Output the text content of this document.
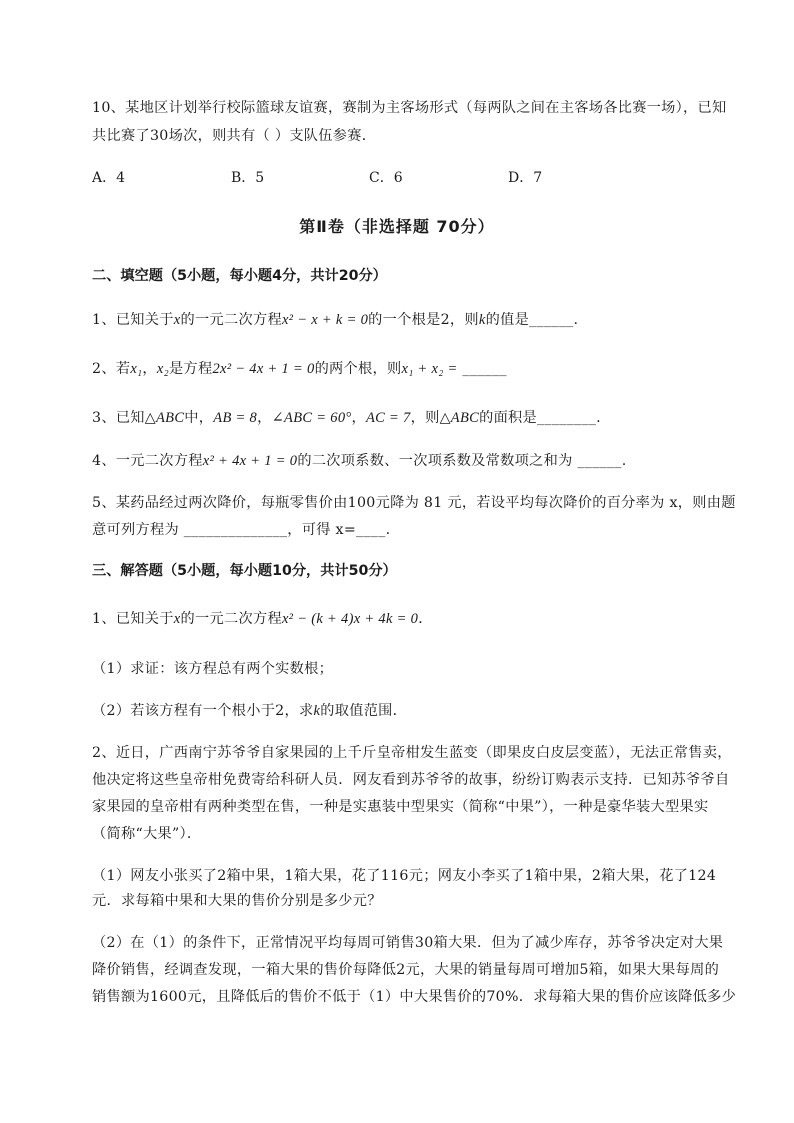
10、某地区计划举行校际篮球友谊赛，赛制为主客场形式（每两队之间在主客场各比赛一场），已知
共比赛了30场次，则共有（ ）支队伍参赛．
A．4	B．5	C．6	D．7
第Ⅱ卷（非选择题 70分）
二、填空题（5小题，每小题4分，共计20分）
1、已知关于x的一元二次方程x² − x + k = 0的一个根是2，则k的值是______.
2、若x₁，x₂是方程2x² − 4x + 1 = 0的两个根，则x₁ + x₂ = ______
3、已知△ABC中，AB = 8，∠ABC = 60°，AC = 7，则△ABC的面积是________.
4、一元二次方程x² + 4x + 1 = 0的二次项系数、一次项系数及常数项之和为 ______.
5、某药品经过两次降价，每瓶零售价由100元降为 81 元，若设平均每次降价的百分率为 x，则由题
意可列方程为 ______________，可得 x=____.
三、解答题（5小题，每小题10分，共计50分）
1、已知关于x的一元二次方程x² − (k + 4)x + 4k = 0．
（1）求证：该方程总有两个实数根；
（2）若该方程有一个根小于2，求k的取值范围．
2、近日，广西南宁苏爷爷自家果园的上千斤皇帝柑发生蓝变（即果皮白皮层变蓝），无法正常售卖，
他决定将这些皇帝柑免费寄给科研人员．网友看到苏爷爷的故事，纷纷订购表示支持．已知苏爷爷自
家果园的皇帝柑有两种类型在售，一种是实惠装中型果实（简称“中果”），一种是豪华装大型果实
（简称“大果”）．
（1）网友小张买了2箱中果，1箱大果，花了116元；网友小李买了1箱中果，2箱大果，花了124
元．求每箱中果和大果的售价分别是多少元？
（2）在（1）的条件下，正常情况平均每周可销售30箱大果．但为了减少库存，苏爷爷决定对大果
降价销售，经调查发现，一箱大果的售价每降低2元，大果的销量每周可增加5箱，如果大果每周的
销售额为1600元，且降低后的售价不低于（1）中大果售价的70%．求每箱大果的售价应该降低多少
